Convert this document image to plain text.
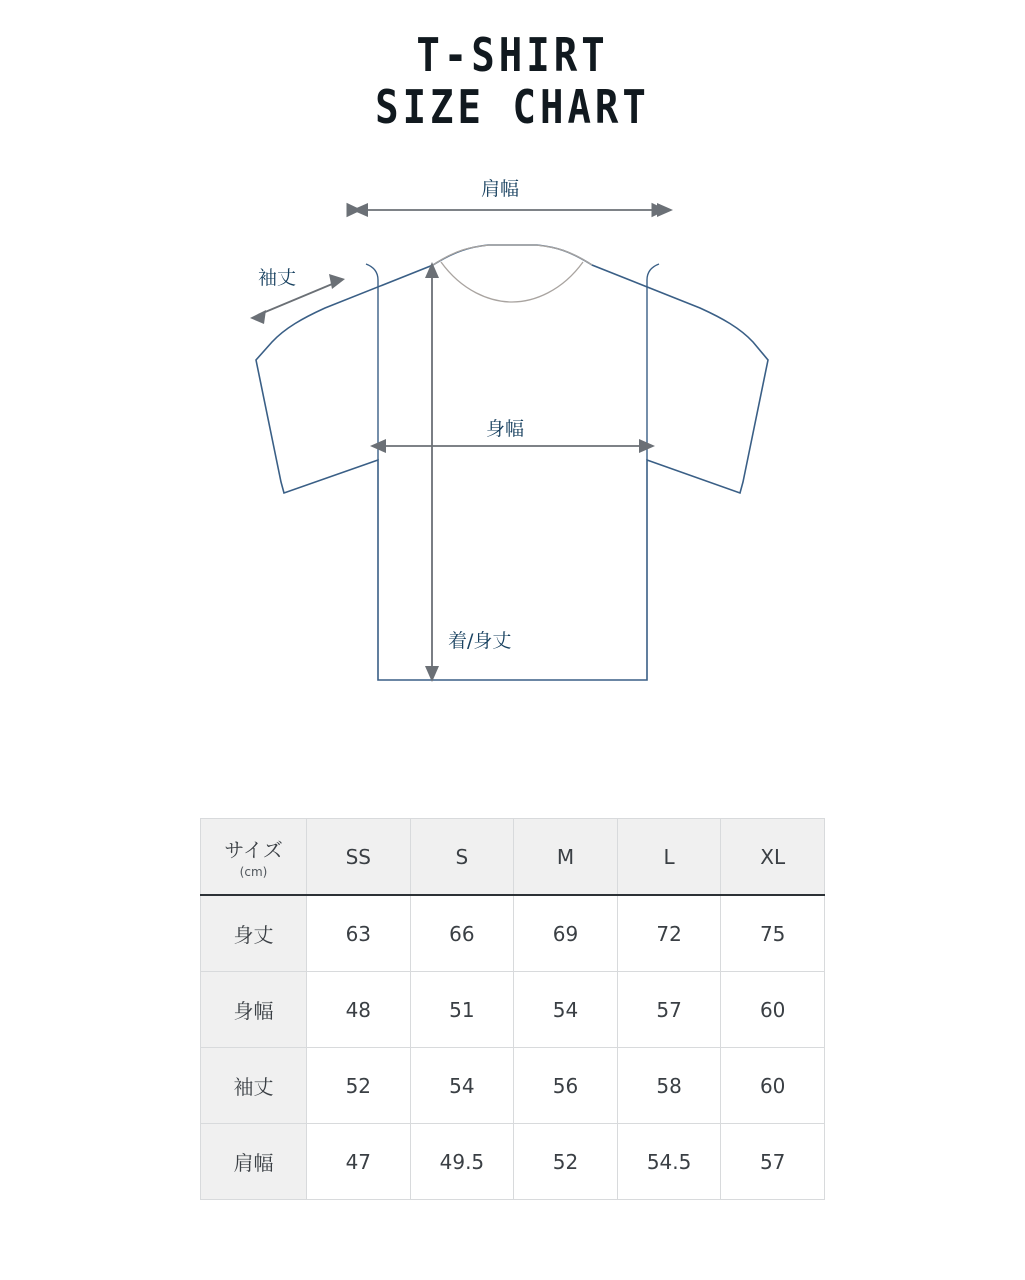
T-SHIRT
SIZE CHART
肩幅
袖丈
身幅
着/身丈
サイズ
(cm)	SS	S	M	L	XL
身丈	63	66	69	72	75
身幅	48	51	54	57	60
袖丈	52	54	56	58	60
肩幅	47	49.5	52	54.5	57
